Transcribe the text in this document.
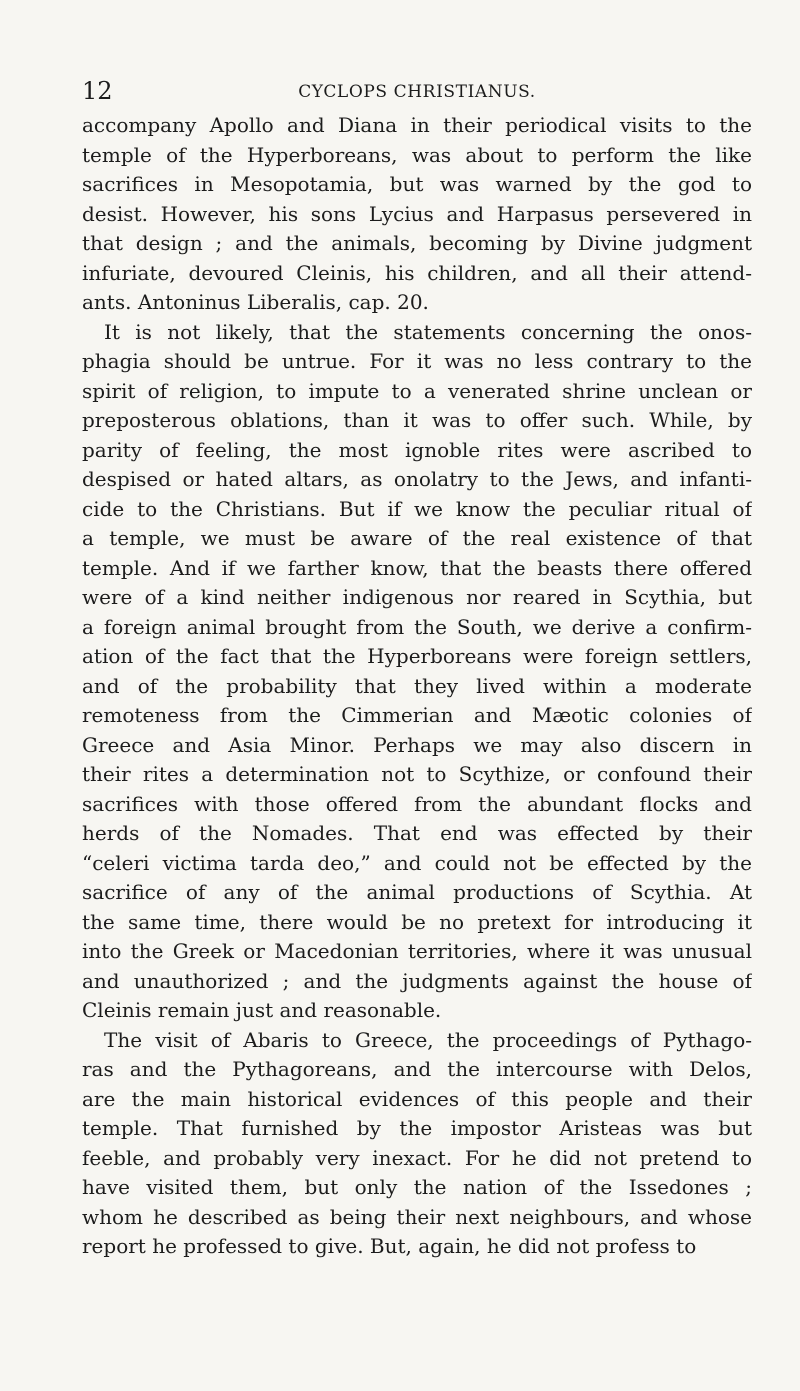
12	CYCLOPS CHRISTIANUS.
accompany Apollo and Diana in their periodical visits to the
temple of the Hyperboreans, was about to perform the like
sacrifices in Mesopotamia, but was warned by the god to
desist. However, his sons Lycius and Harpasus persevered in
that design ; and the animals, becoming by Divine judgment
infuriate, devoured Cleinis, his children, and all their attend-
ants. Antoninus Liberalis, cap. 20.
It is not likely, that the statements concerning the onos-
phagia should be untrue. For it was no less contrary to the
spirit of religion, to impute to a venerated shrine unclean or
preposterous oblations, than it was to offer such. While, by
parity of feeling, the most ignoble rites were ascribed to
despised or hated altars, as onolatry to the Jews, and infanti-
cide to the Christians. But if we know the peculiar ritual of
a temple, we must be aware of the real existence of that
temple. And if we farther know, that the beasts there offered
were of a kind neither indigenous nor reared in Scythia, but
a foreign animal brought from the South, we derive a confirm-
ation of the fact that the Hyperboreans were foreign settlers,
and of the probability that they lived within a moderate
remoteness from the Cimmerian and Mæotic colonies of
Greece and Asia Minor. Perhaps we may also discern in
their rites a determination not to Scythize, or confound their
sacrifices with those offered from the abundant flocks and
herds of the Nomades. That end was effected by their
“celeri victima tarda deo,” and could not be effected by the
sacrifice of any of the animal productions of Scythia. At
the same time, there would be no pretext for introducing it
into the Greek or Macedonian territories, where it was unusual
and unauthorized ; and the judgments against the house of
Cleinis remain just and reasonable.
The visit of Abaris to Greece, the proceedings of Pythago-
ras and the Pythagoreans, and the intercourse with Delos,
are the main historical evidences of this people and their
temple. That furnished by the impostor Aristeas was but
feeble, and probably very inexact. For he did not pretend to
have visited them, but only the nation of the Issedones ;
whom he described as being their next neighbours, and whose
report he professed to give. But, again, he did not profess to
